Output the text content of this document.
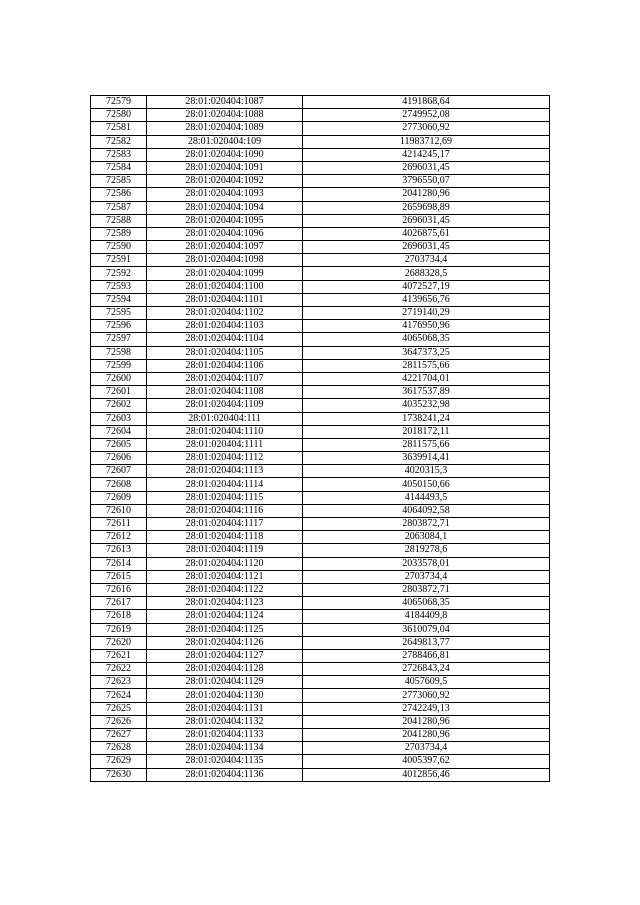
72579	28:01:020404:1087	4191868,64
72580	28:01:020404:1088	2749952,08
72581	28:01:020404:1089	2773060,92
72582	28:01:020404:109	11983712,69
72583	28:01:020404:1090	4214245,17
72584	28:01:020404:1091	2696031,45
72585	28:01:020404:1092	3796550,07
72586	28:01:020404:1093	2041280,96
72587	28:01:020404:1094	2659698,89
72588	28:01:020404:1095	2696031,45
72589	28:01:020404:1096	4026875,61
72590	28:01:020404:1097	2696031,45
72591	28:01:020404:1098	2703734,4
72592	28:01:020404:1099	2688328,5
72593	28:01:020404:1100	4072527,19
72594	28:01:020404:1101	4139656,76
72595	28:01:020404:1102	2719140,29
72596	28:01:020404:1103	4176950,96
72597	28:01:020404:1104	4065068,35
72598	28:01:020404:1105	3647373,25
72599	28:01:020404:1106	2811575,66
72600	28:01:020404:1107	4221704,01
72601	28:01:020404:1108	3617537,89
72602	28:01:020404:1109	4035232,98
72603	28:01:020404:111	1738241,24
72604	28:01:020404:1110	2018172,11
72605	28:01:020404:1111	2811575,66
72606	28:01:020404:1112	3639914,41
72607	28:01:020404:1113	4020315,3
72608	28:01:020404:1114	4050150,66
72609	28:01:020404:1115	4144493,5
72610	28:01:020404:1116	4064092,58
72611	28:01:020404:1117	2803872,71
72612	28:01:020404:1118	2063084,1
72613	28:01:020404:1119	2819278,6
72614	28:01:020404:1120	2033578,01
72615	28:01:020404:1121	2703734,4
72616	28:01:020404:1122	2803872,71
72617	28:01:020404:1123	4065068,35
72618	28:01:020404:1124	4184409,8
72619	28:01:020404:1125	3610079,04
72620	28:01:020404:1126	2649813,77
72621	28:01:020404:1127	2788466,81
72622	28:01:020404:1128	2726843,24
72623	28:01:020404:1129	4057609,5
72624	28:01:020404:1130	2773060,92
72625	28:01:020404:1131	2742249,13
72626	28:01:020404:1132	2041280,96
72627	28:01:020404:1133	2041280,96
72628	28:01:020404:1134	2703734,4
72629	28:01:020404:1135	4005397,62
72630	28:01:020404:1136	4012856,46
